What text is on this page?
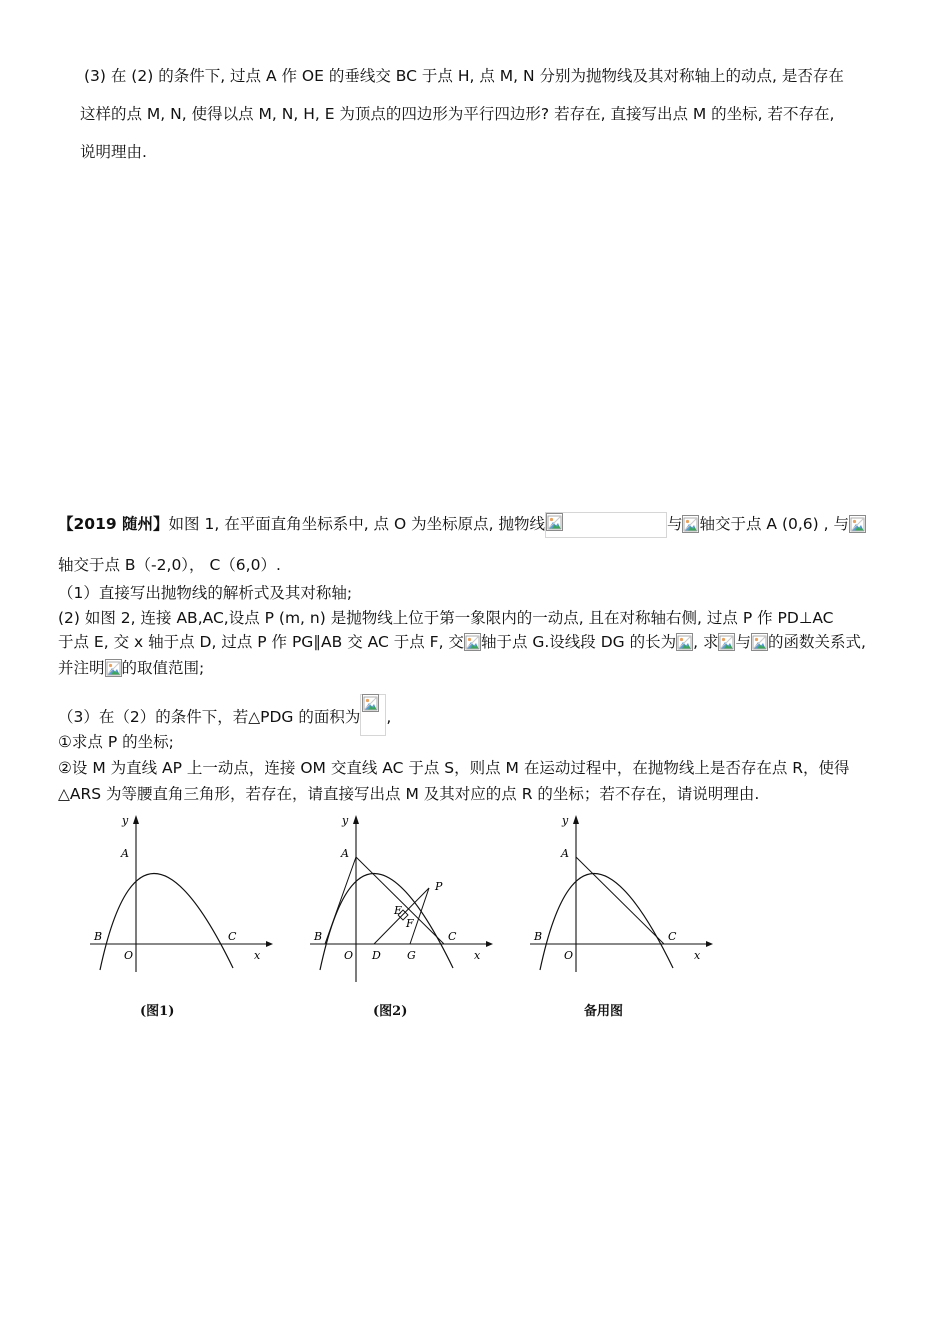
(3) 在 (2) 的条件下, 过点 A 作 OE 的垂线交 BC 于点 H, 点 M, N 分别为抛物线及其对称轴上的动点, 是否存在
这样的点 M, N, 使得以点 M, N, H, E 为顶点的四边形为平行四边形? 若存在, 直接写出点 M 的坐标, 若不存在,
说明理由.
【2019 随州】如图 1, 在平面直角坐标系中, 点 O 为坐标原点, 抛物线	与 轴交于点 A (0,6) , 与
轴交于点 B（-2,0）， C（6,0）.
（1）直接写出抛物线的解析式及其对称轴;
(2) 如图 2, 连接 AB,AC,设点 P (m, n) 是抛物线上位于第一象限内的一动点, 且在对称轴右侧, 过点 P 作 PD⊥AC
于点 E, 交 x 轴于点 D, 过点 P 作 PG∥AB 交 AC 于点 F, 交 轴于点 G.设线段 DG 的长为 , 求 与 的函数关系式,
并注明 的取值范围;
（3）在（2）的条件下，若△PDG 的面积为 ,
①求点 P 的坐标;
②设 M 为直线 AP 上一动点，连接 OM 交直线 AC 于点 S，则点 M 在运动过程中，在抛物线上是否存在点 R，使得
△ARS 为等腰直角三角形，若存在，请直接写出点 M 及其对应的点 R 的坐标；若不存在，请说明理由.
y
A
B	C
O	x
(图1)
y
A
B	C
O	x
P
E
F
D G
(图2)
y
A
B	C
O	x
备用图
